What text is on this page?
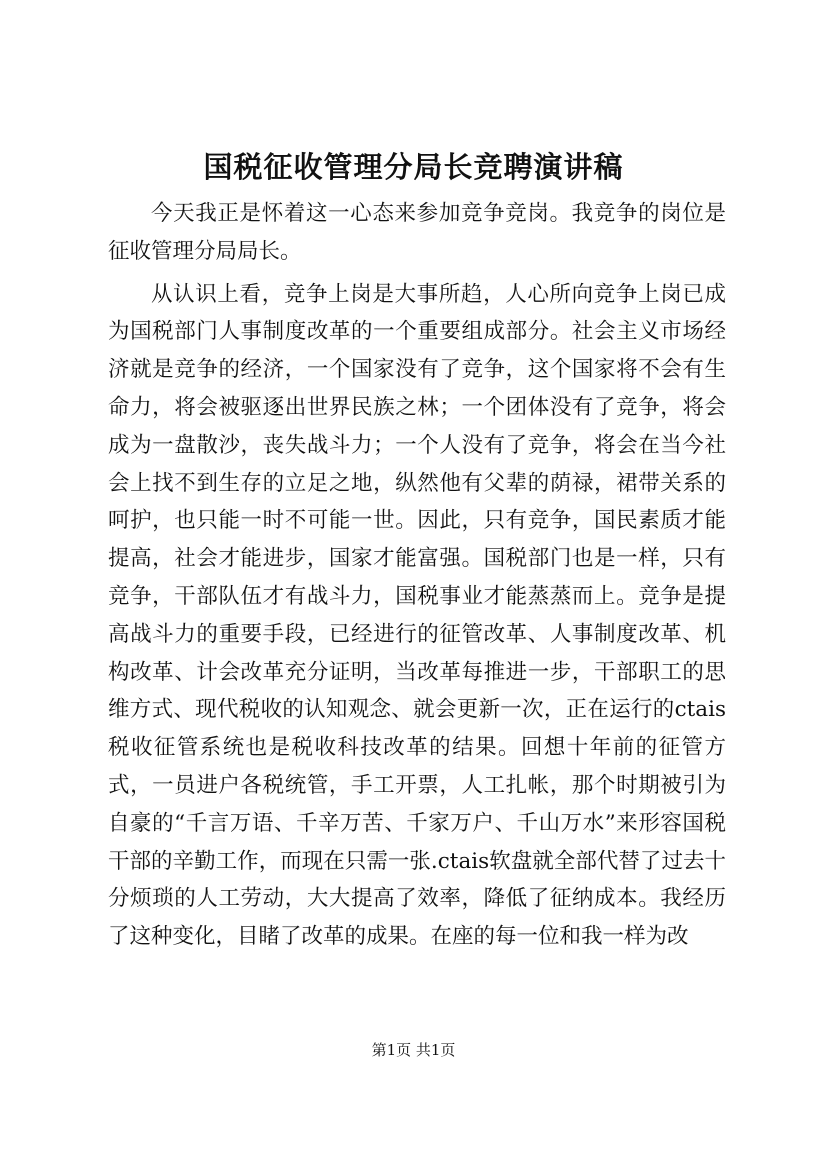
国税征收管理分局长竞聘演讲稿

今天我正是怀着这一心态来参加竞争竞岗。我竞争的岗位是征收管理分局局长。

从认识上看，竞争上岗是大事所趋，人心所向竞争上岗已成为国税部门人事制度改革的一个重要组成部分。社会主义市场经济就是竞争的经济，一个国家没有了竞争，这个国家将不会有生命力，将会被驱逐出世界民族之林；一个团体没有了竞争，将会成为一盘散沙，丧失战斗力；一个人没有了竞争，将会在当今社会上找不到生存的立足之地，纵然他有父辈的荫禄，裙带关系的呵护，也只能一时不可能一世。因此，只有竞争，国民素质才能提高，社会才能进步，国家才能富强。国税部门也是一样，只有竞争，干部队伍才有战斗力，国税事业才能蒸蒸而上。竞争是提高战斗力的重要手段，已经进行的征管改革、人事制度改革、机构改革、计会改革充分证明，当改革每推进一步，干部职工的思维方式、现代税收的认知观念、就会更新一次，正在运行的ctais税收征管系统也是税收科技改革的结果。回想十年前的征管方式，一员进户各税统管，手工开票，人工扎帐，那个时期被引为自豪的“千言万语、千辛万苦、千家万户、千山万水”来形容国税干部的辛勤工作，而现在只需一张.ctais软盘就全部代替了过去十分烦琐的人工劳动，大大提高了效率，降低了征纳成本。我经历了这种变化，目睹了改革的成果。在座的每一位和我一样为改

第1页 共1页
